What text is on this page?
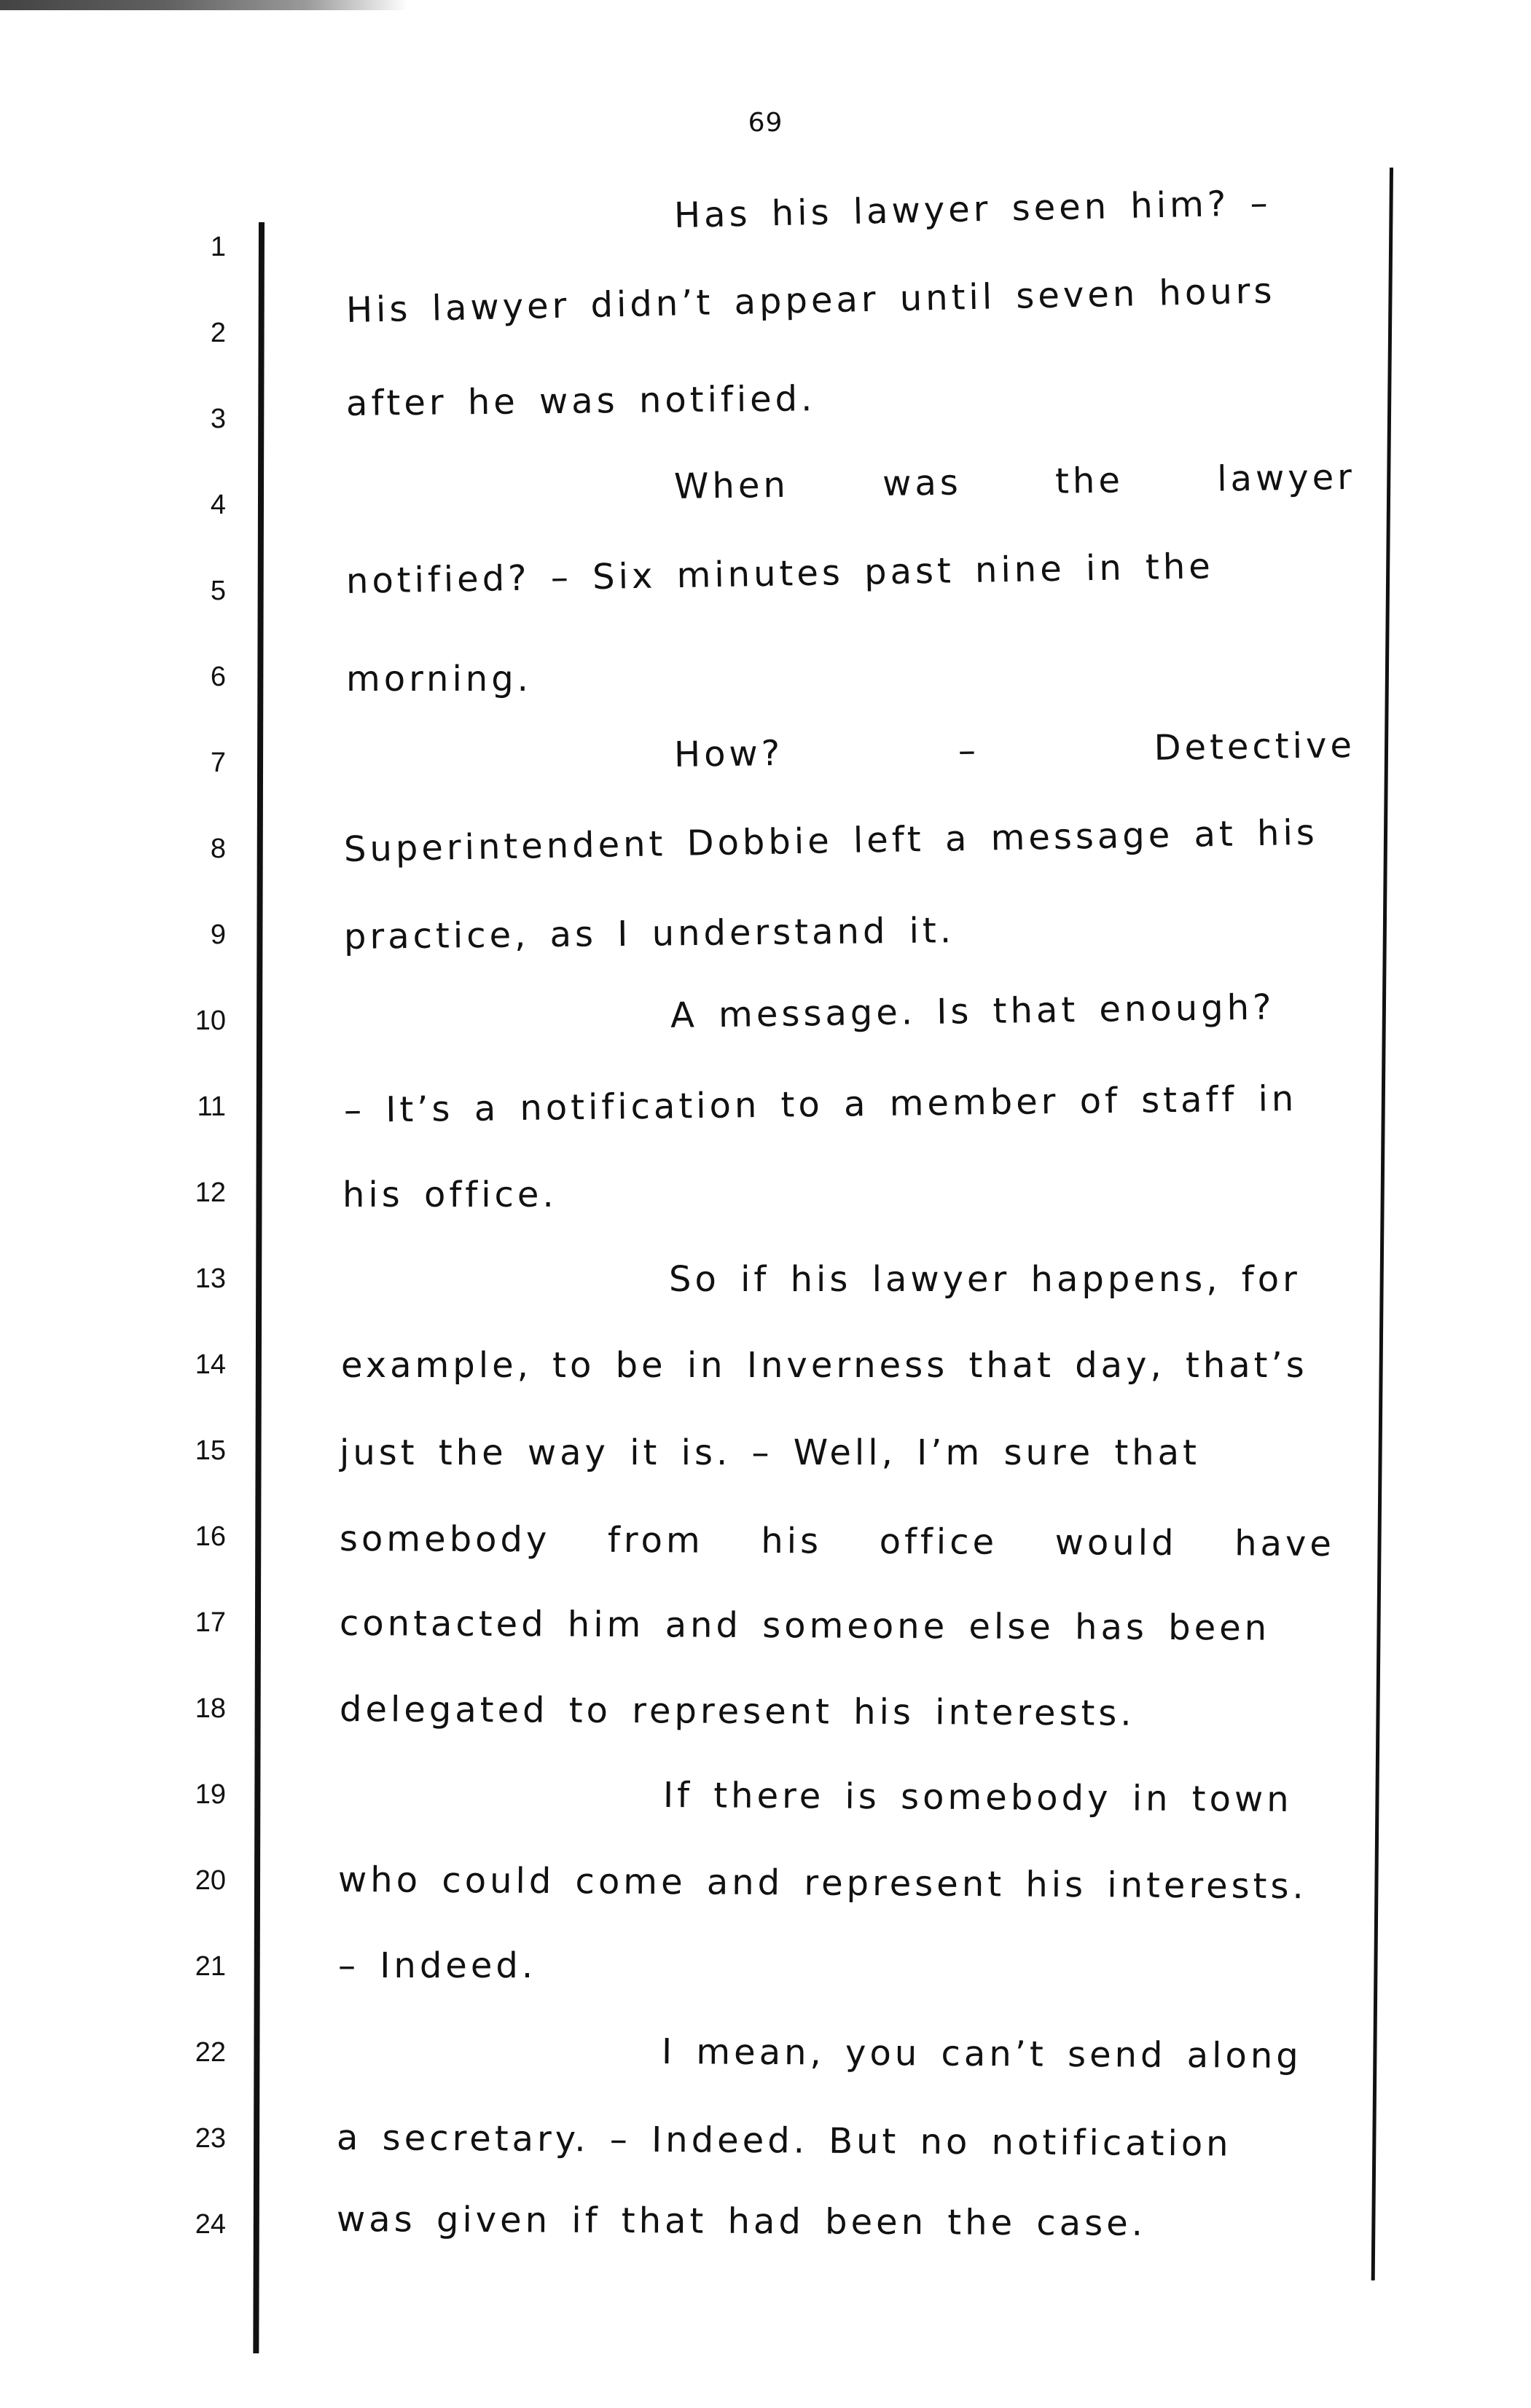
69
1
2
3
4
5
6
7
8
9
10
11
12
13
14
15
16
17
18
19
20
21
22
23
24
Has his lawyer seen him? –
His lawyer didn’t appear until seven hours
after he was notified.
When	was	the	lawyer
notified? – Six minutes past nine in the
morning.
How?	–	Detective
Superintendent Dobbie left a message at his
practice, as I understand it.
A message. Is that enough?
– It’s a notification to a member of staff in
his office.
So if his lawyer happens, for
example, to be in Inverness that day, that’s
just the way it is. – Well, I’m sure that
somebody from his office would have
contacted him and someone else has been
delegated to represent his interests.
If there is somebody in town
who could come and represent his interests.
– Indeed.
I mean, you can’t send along
a secretary. – Indeed. But no notification
was given if that had been the case.
